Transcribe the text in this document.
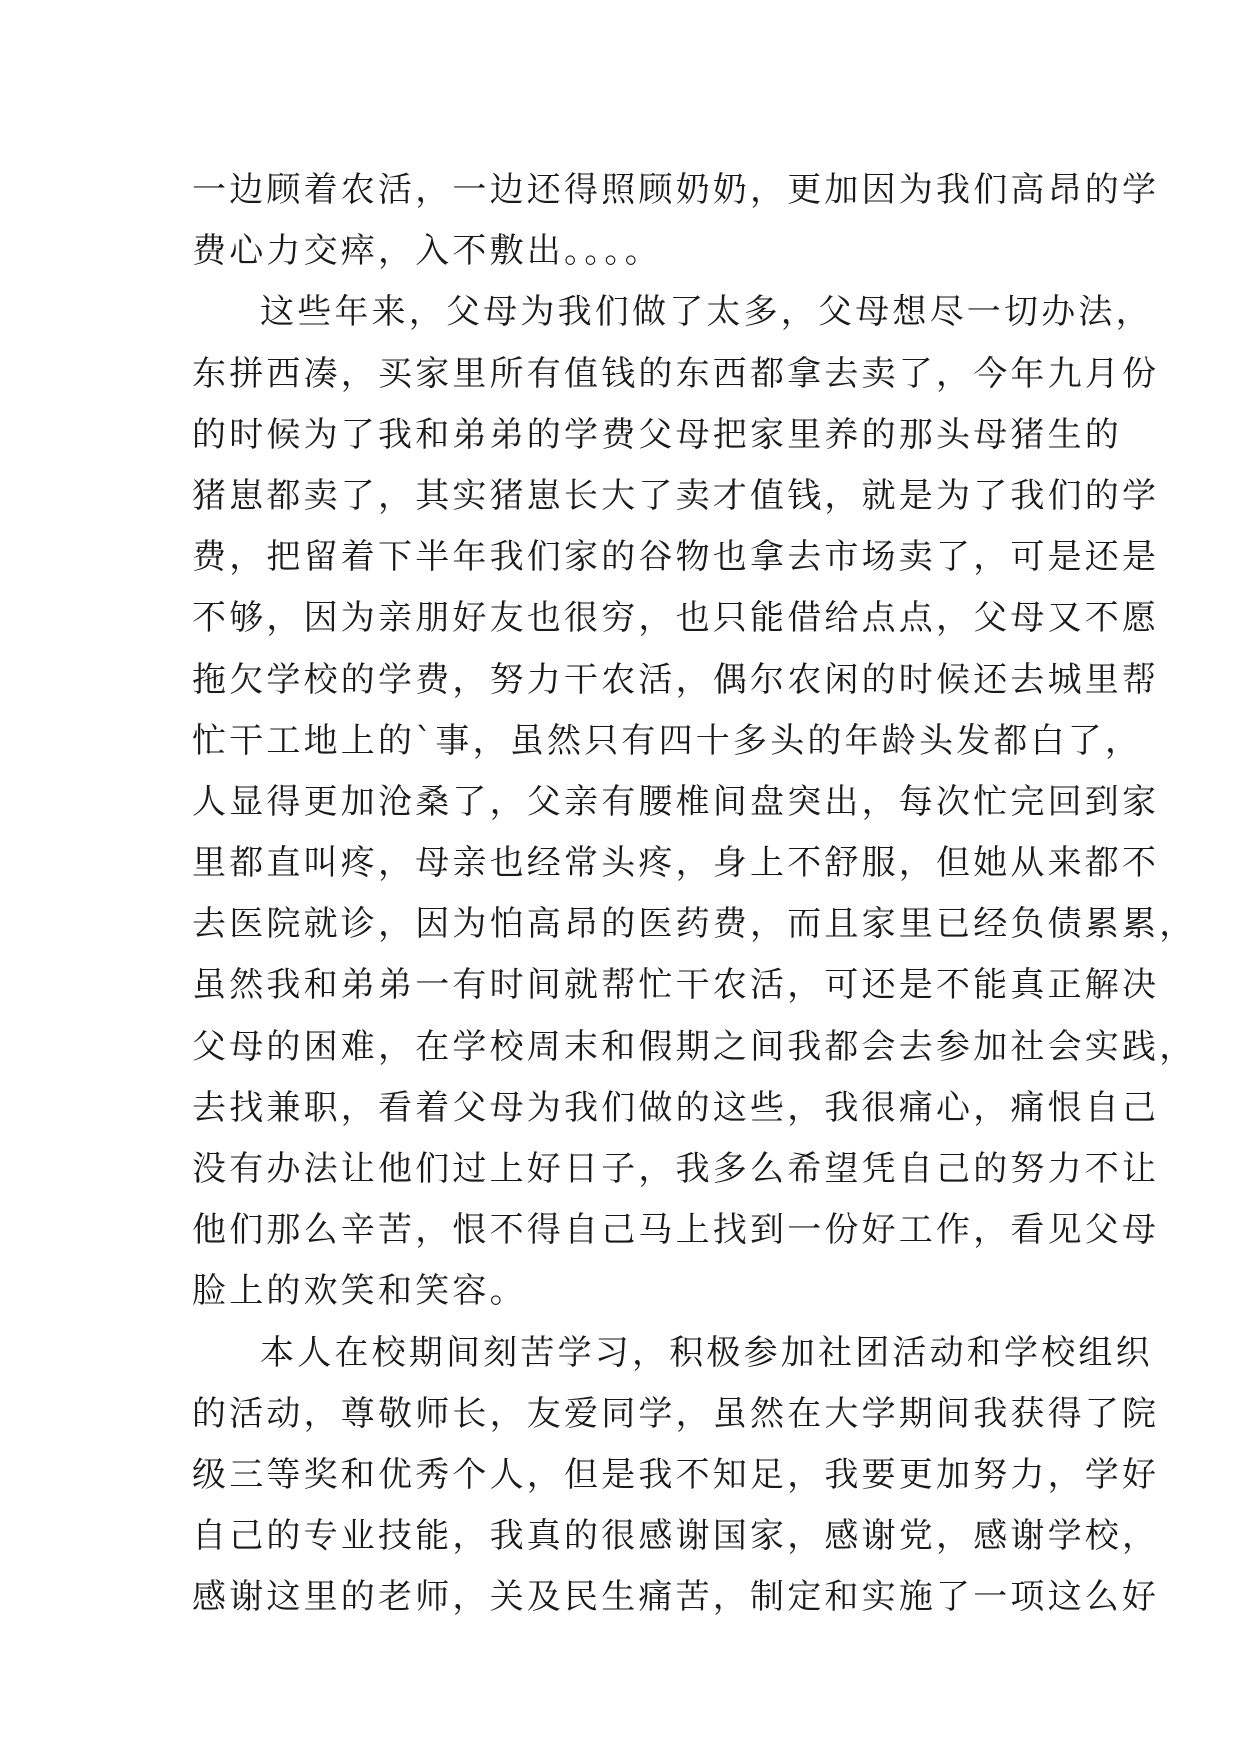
一边顾着农活，一边还得照顾奶奶，更加因为我们高昂的学
费心力交瘁，入不敷出。。。。
这些年来，父母为我们做了太多，父母想尽一切办法，
东拼西凑，买家里所有值钱的东西都拿去卖了，今年九月份
的时候为了我和弟弟的学费父母把家里养的那头母猪生的
猪崽都卖了，其实猪崽长大了卖才值钱，就是为了我们的学
费，把留着下半年我们家的谷物也拿去市场卖了，可是还是
不够，因为亲朋好友也很穷，也只能借给点点，父母又不愿
拖欠学校的学费，努力干农活，偶尔农闲的时候还去城里帮
忙干工地上的`事，虽然只有四十多头的年龄头发都白了，
人显得更加沧桑了，父亲有腰椎间盘突出，每次忙完回到家
里都直叫疼，母亲也经常头疼，身上不舒服，但她从来都不
去医院就诊，因为怕高昂的医药费，而且家里已经负债累累，
虽然我和弟弟一有时间就帮忙干农活，可还是不能真正解决
父母的困难，在学校周末和假期之间我都会去参加社会实践，
去找兼职，看着父母为我们做的这些，我很痛心，痛恨自己
没有办法让他们过上好日子，我多么希望凭自己的努力不让
他们那么辛苦，恨不得自己马上找到一份好工作，看见父母
脸上的欢笑和笑容。
本人在校期间刻苦学习，积极参加社团活动和学校组织
的活动，尊敬师长，友爱同学，虽然在大学期间我获得了院
级三等奖和优秀个人，但是我不知足，我要更加努力，学好
自己的专业技能，我真的很感谢国家，感谢党，感谢学校，
感谢这里的老师，关及民生痛苦，制定和实施了一项这么好
